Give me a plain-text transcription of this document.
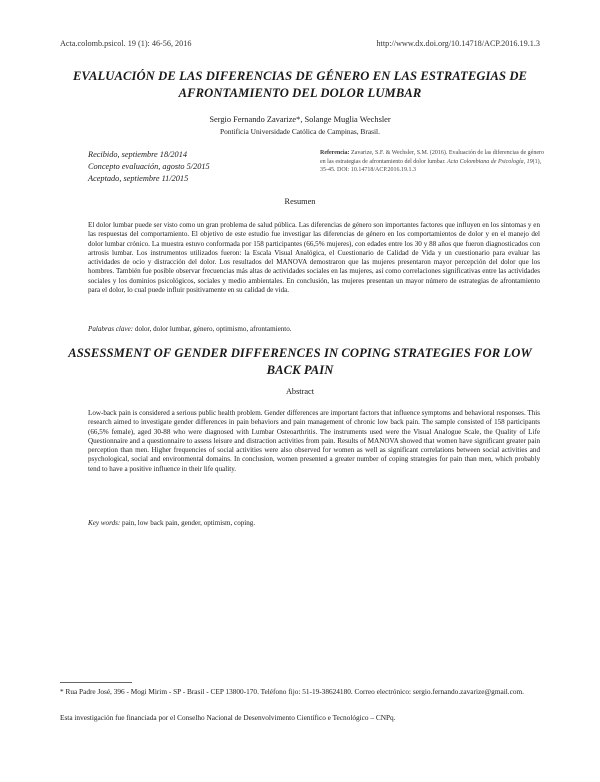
Acta.colomb.psicol. 19 (1): 46-56, 2016	http://www.dx.doi.org/10.14718/ACP.2016.19.1.3
EVALUACIÓN DE LAS DIFERENCIAS DE GÉNERO EN LAS ESTRATEGIAS DE AFRONTAMIENTO DEL DOLOR LUMBAR
Sergio Fernando Zavarize*, Solange Muglia Wechsler
Pontificia Universidade Católica de Campinas, Brasil.
Recibido, septiembre 18/2014
Concepto evaluación, agosto 5/2015
Aceptado, septiembre 11/2015
Referencia: Zavarize, S.F. & Wechsler, S.M. (2016). Evaluación de las diferencias de género en las estrategias de afrontamiento del dolor lumbar. Acta Colombiana de Psicología, 19(1), 35-45. DOI: 10.14718/ACP.2016.19.1.3
Resumen

El dolor lumbar puede ser visto como un gran problema de salud pública. Las diferencias de género son importantes factores que influyen en los síntomas y en las respuestas del comportamiento. El objetivo de este estudio fue investigar las diferencias de género en los comportamientos de dolor y en el manejo del dolor lumbar crónico. La muestra estuvo conformada por 158 participantes (66,5% mujeres), con edades entre los 30 y 88 años que fueron diagnosticados con artrosis lumbar. Los instrumentos utilizados fueron: la Escala Visual Analógica, el Cuestionario de Calidad de Vida y un cuestionario para evaluar las actividades de ocio y distracción del dolor. Los resultados del MANOVA demostraron que las mujeres presentaron mayor percepción del dolor que los hombres. También fue posible observar frecuencias más altas de actividades sociales en las mujeres, así como correlaciones significativas entre las actividades sociales y los dominios psicológicos, sociales y medio ambientales. En conclusión, las mujeres presentan un mayor número de estrategias de afrontamiento para el dolor, lo cual puede influir positivamente en su calidad de vida.

Palabras clave: dolor, dolor lumbar, género, optimismo, afrontamiento.
ASSESSMENT OF GENDER DIFFERENCES IN COPING STRATEGIES FOR LOW BACK PAIN
Abstract

Low-back pain is considered a serious public health problem. Gender differences are important factors that influence symptoms and behavioral responses. This research aimed to investigate gender differences in pain behaviors and pain management of chronic low back pain. The sample consisted of 158 participants (66,5% female), aged 30-88 who were diagnosed with Lumbar Osteoarthritis. The instruments used were the Visual Analogue Scale, the Quality of Life Questionnaire and a questionnaire to assess leisure and distraction activities from pain. Results of MANOVA showed that women have significant greater pain perception than men. Higher frequencies of social activities were also observed for women as well as significant correlations between social activities and psychological, social and environmental domains. In conclusion, women presented a greater number of coping strategies for pain than men, which probably tend to have a positive influence in their life quality.

Key words: pain, low back pain, gender, optimism, coping.
* Rua Padre José, 396 - Mogi Mirim - SP - Brasil - CEP 13800-170. Teléfono fijo: 51-19-38624180. Correo electrónico: sergio.fernando.zavarize@gmail.com.
Esta investigación fue financiada por el Conselho Nacional de Desenvolvimento Científico e Tecnológico – CNPq.
